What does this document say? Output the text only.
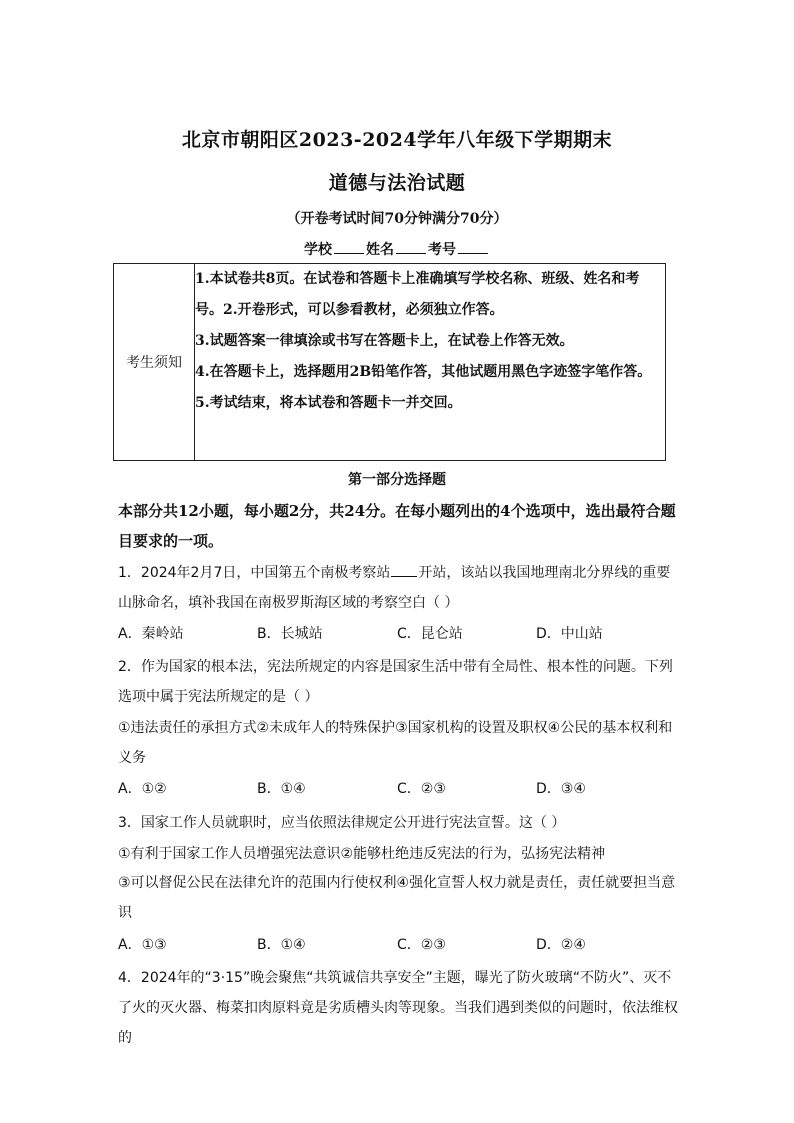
北京市朝阳区2023-2024学年八年级下学期期末
道德与法治试题
（开卷考试时间70分钟满分70分）
学校 姓名 考号
考生须知	
1.本试卷共8页。在试卷和答题卡上准确填写学校名称、班级、姓名和考号。2.开卷形式，可以参看教材，必须独立作答。
3.试题答案一律填涂或书写在答题卡上，在试卷上作答无效。
4.在答题卡上，选择题用2B铅笔作答，其他试题用黑色字迹签字笔作答。
5.考试结束，将本试卷和答题卡一并交回。
第一部分选择题
本部分共12小题，每小题2分，共24分。在每小题列出的4个选项中，选出最符合题目要求的一项。
1．2024年2月7日，中国第五个南极考察站 开站，该站以我国地理南北分界线的重要山脉命名，填补我国在南极罗斯海区域的考察空白（ ）
A．秦岭站	B．长城站	C．昆仑站	D．中山站
2．作为国家的根本法，宪法所规定的内容是国家生活中带有全局性、根本性的问题。下列选项中属于宪法所规定的是（ ）
①违法责任的承担方式②未成年人的特殊保护③国家机构的设置及职权④公民的基本权利和义务
A．①②	B．①④	C．②③	D．③④
3．国家工作人员就职时，应当依照法律规定公开进行宪法宣誓。这（ ）
①有利于国家工作人员增强宪法意识②能够杜绝违反宪法的行为，弘扬宪法精神
③可以督促公民在法律允许的范围内行使权利④强化宣誓人权力就是责任，责任就要担当意识
A．①③	B．①④	C．②③	D．②④
4．2024年的“3·15”晚会聚焦“共筑诚信共享安全”主题，曝光了防火玻璃“不防火”、灭不了火的灭火器、梅菜扣肉原料竟是劣质槽头肉等现象。当我们遇到类似的问题时，依法维权的
